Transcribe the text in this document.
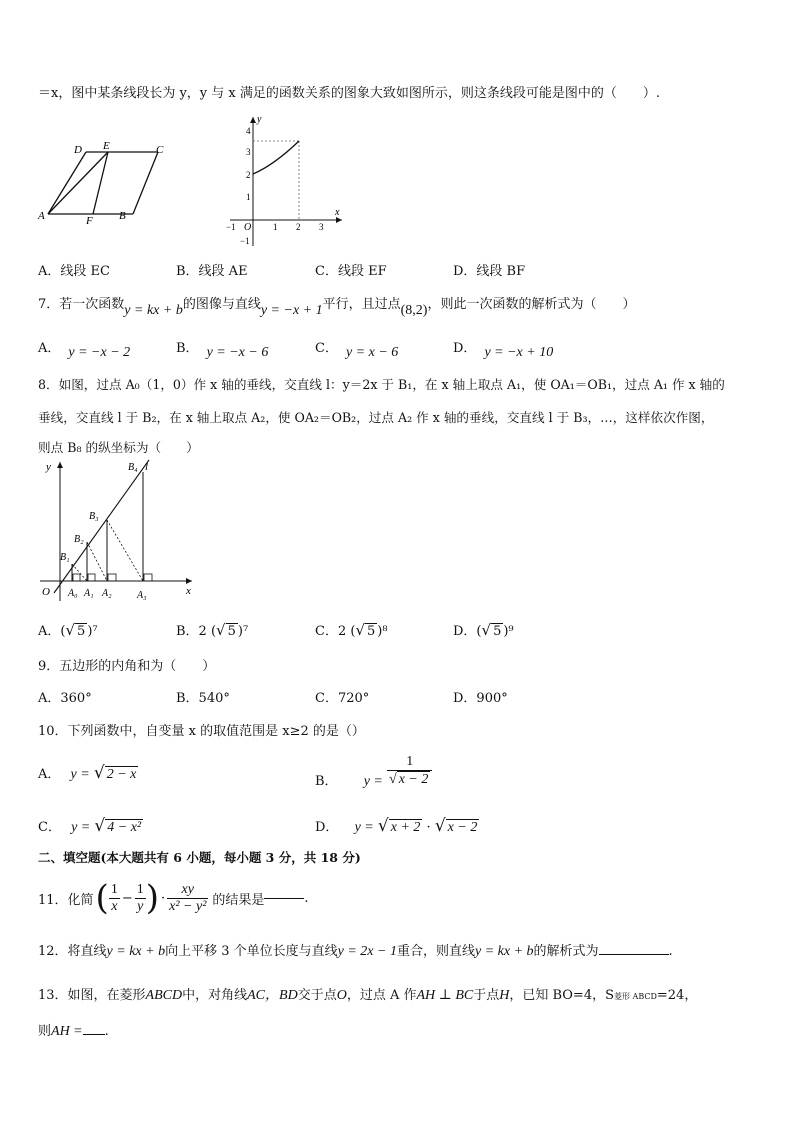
＝x，图中某条线段长为 y，y 与 x 满足的函数关系的图象大致如图所示，则这条线段可能是图中的（　　）.
D E	C
A	F B
y
x
O
−1	1 2 3
4
3
2
1
−1
A．线段 EC	B．线段 AE	C．线段 EF	D．线段 BF
7．若一次函数y = kx + b的图像与直线y = −x + 1平行，且过点(8,2)，则此一次函数的解析式为（　　）
A． y = −x − 2	B． y = −x − 6	C． y = x − 6	D． y = −x + 10
8．如图，过点 A₀（1，0）作 x 轴的垂线，交直线 l：y＝2x 于 B₁，在 x 轴上取点 A₁，使 OA₁＝OB₁，过点 A₁ 作 x 轴的
垂线，交直线 l 于 B₂，在 x 轴上取点 A₂，使 OA₂＝OB₂，过点 A₂ 作 x 轴的垂线，交直线 l 于 B₃，…，这样依次作图，
则点 B₈ 的纵坐标为（　　）
y
x
O
l
B₄
B₃
B₂
B₁
A₀ A₁ A₂	A₃
A．(√ 5 )⁷	B．2 (√ 5 )⁷	C．2 (√ 5 )⁸	D．(√ 5 )⁹
9．五边形的内角和为（　　）
A．360°	B．540°	C．720°	D．900°
10．下列函数中，自变量 x 的取值范围是 x≥2 的是（）
A． y = √ 2 − x	B． $y = \frac{1}{√ x - 2}$
C． y = √ 4 − x²	D． y = √ x + 2 · √ x − 2
二、填空题(本大题共有 6 小题，每小题 3 分，共 18 分)
11．化简 ( $\frac{1}{x} - \frac{1}{y}$ ) · $\frac{xy}{\text{x² − y²}}$ 的结果是	.
12．将直线y = kx + b向上平移 3 个单位长度与直线y = 2x − 1重合，则直线y = kx + b的解析式为	.
13．如图，在菱形ABCD中，对角线AC，BD交于点O，过点 A 作AH ⊥ BC于点H，已知 BO=4，S菱形 ABCD=24，
则AH = .
